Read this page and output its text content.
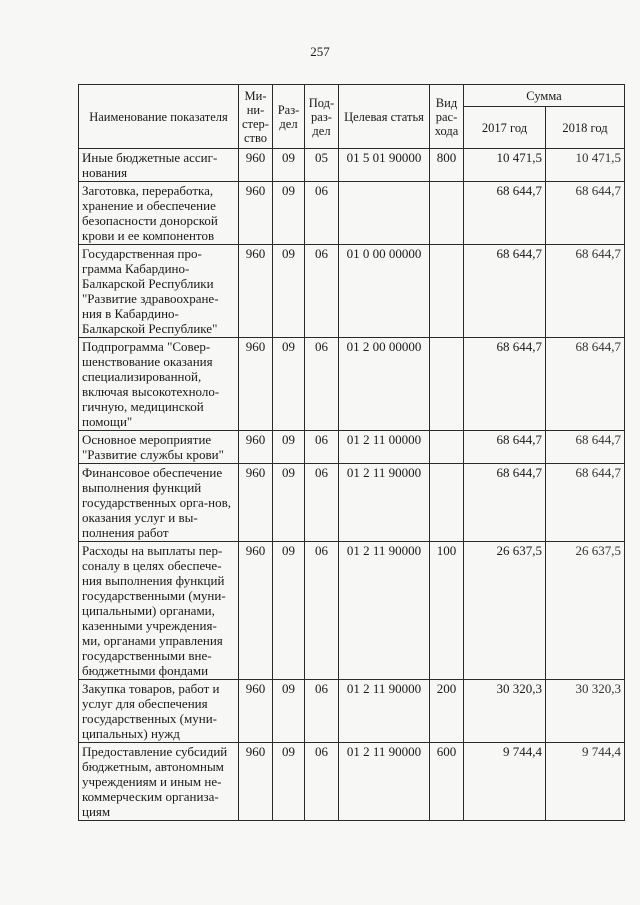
257
Наименование показателя	Ми-ни-стер-ство	Раз-дел	Под-раз-дел	Целевая статья	Вид рас-хода	Сумма	
						2017 год	2018 год
Иные бюджетные ассиг-нования	960	09	05	01 5 01 90000	800	10 471,5	10 471,5
Заготовка, переработка, хранение и обеспечение безопасности донорской крови и ее компонентов	960	09	06			68 644,7	68 644,7
Государственная про-грамма Кабардино-Балкарской Республики "Развитие здравоохране-ния в Кабардино-Балкарской Республике"	960	09	06	01 0 00 00000		68 644,7	68 644,7
Подпрограмма "Совер-шенствование оказания специализированной, включая высокотехноло-гичную, медицинской помощи"	960	09	06	01 2 00 00000		68 644,7	68 644,7
Основное мероприятие "Развитие службы крови"	960	09	06	01 2 11 00000		68 644,7	68 644,7
Финансовое обеспечение выполнения функций государственных орга-нов, оказания услуг и вы-полнения работ	960	09	06	01 2 11 90000		68 644,7	68 644,7
Расходы на выплаты пер-соналу в целях обеспече-ния выполнения функций государственными (муни-ципальными) органами, казенными учреждения-ми, органами управления государственными вне-бюджетными фондами	960	09	06	01 2 11 90000	100	26 637,5	26 637,5
Закупка товаров, работ и услуг для обеспечения государственных (муни-ципальных) нужд	960	09	06	01 2 11 90000	200	30 320,3	30 320,3
Предоставление субсидий бюджетным, автономным учреждениям и иным не-коммерческим организа-циям	960	09	06	01 2 11 90000	600	9 744,4	9 744,4
